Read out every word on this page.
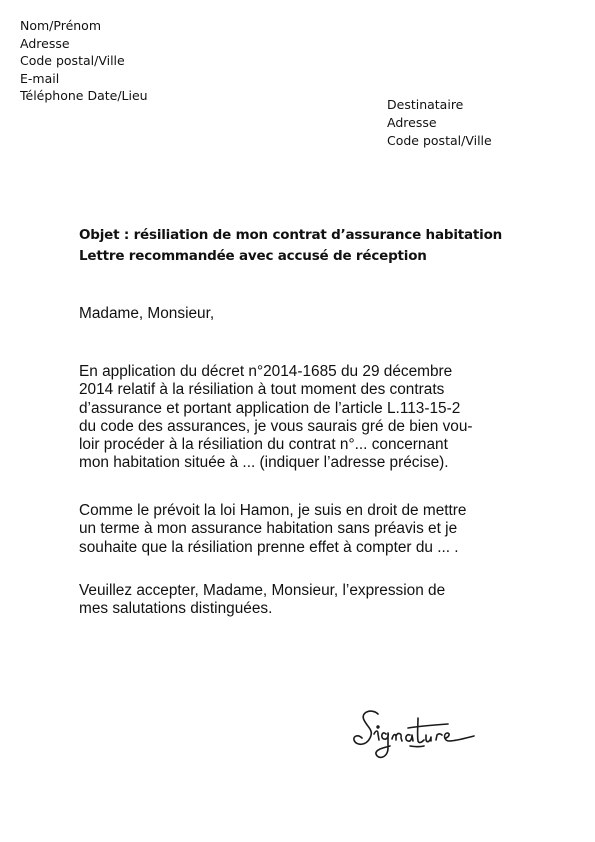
Nom/Prénom
Adresse
Code postal/Ville
E-mail
Téléphone Date/Lieu
Destinataire
Adresse
Code postal/Ville
Objet : résiliation de mon contrat d’assurance habitation
Lettre recommandée avec accusé de réception
Madame, Monsieur,
En application du décret n°2014-1685 du 29 décembre
2014 relatif à la résiliation à tout moment des contrats
d’assurance et portant application de l’article L.113-15-2
du code des assurances, je vous saurais gré de bien vou-
loir procéder à la résiliation du contrat n°... concernant
mon habitation située à ... (indiquer l’adresse précise).
Comme le prévoit la loi Hamon, je suis en droit de mettre
un terme à mon assurance habitation sans préavis et je
souhaite que la résiliation prenne effet à compter du ... .
Veuillez accepter, Madame, Monsieur, l’expression de
mes salutations distinguées.
